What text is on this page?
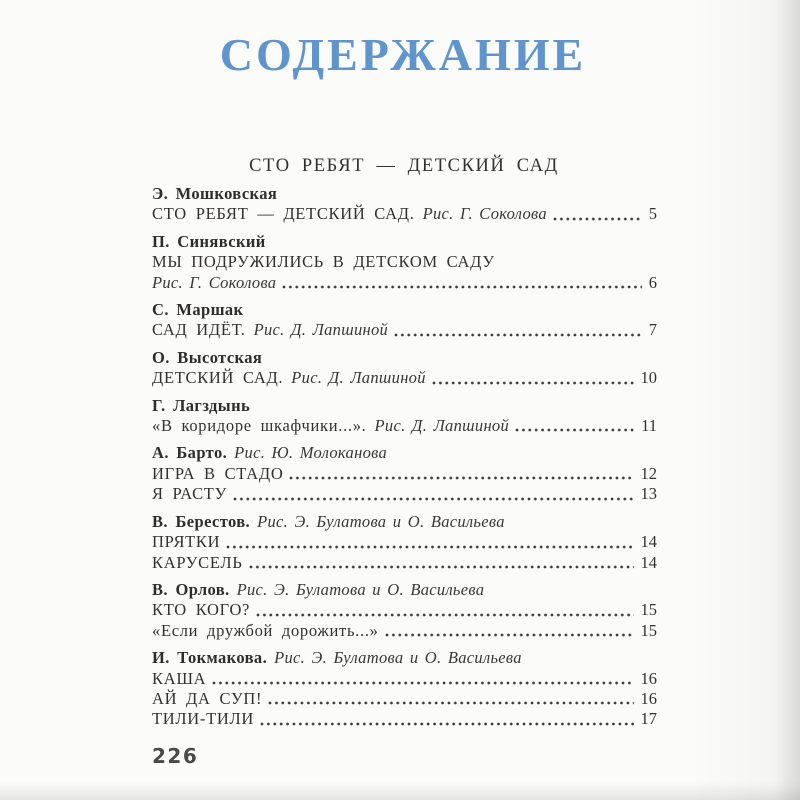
СОДЕРЖАНИЕ
СТО РЕБЯТ — ДЕТСКИЙ САД
Э. Мошковская
СТО РЕБЯТ — ДЕТСКИЙ САД. Рис. Г. Соколова	5
П. Синявский
МЫ ПОДРУЖИЛИСЬ В ДЕТСКОМ САДУ
Рис. Г. Соколова	6
С. Маршак
САД ИДЁТ. Рис. Д. Лапшиной	7
О. Высотская
ДЕТСКИЙ САД. Рис. Д. Лапшиной	10
Г. Лагздынь
«В коридоре шкафчики...». Рис. Д. Лапшиной	11
А. Барто. Рис. Ю. Молоканова
ИГРА В СТАДО	12
Я РАСТУ	13
В. Берестов. Рис. Э. Булатова и О. Васильева
ПРЯТКИ	14
КАРУСЕЛЬ	14
В. Орлов. Рис. Э. Булатова и О. Васильева
КТО КОГО?	15
«Если дружбой дорожить...»	15
И. Токмакова. Рис. Э. Булатова и О. Васильева
КАША	16
АЙ ДА СУП!	16
ТИЛИ-ТИЛИ	17
226
